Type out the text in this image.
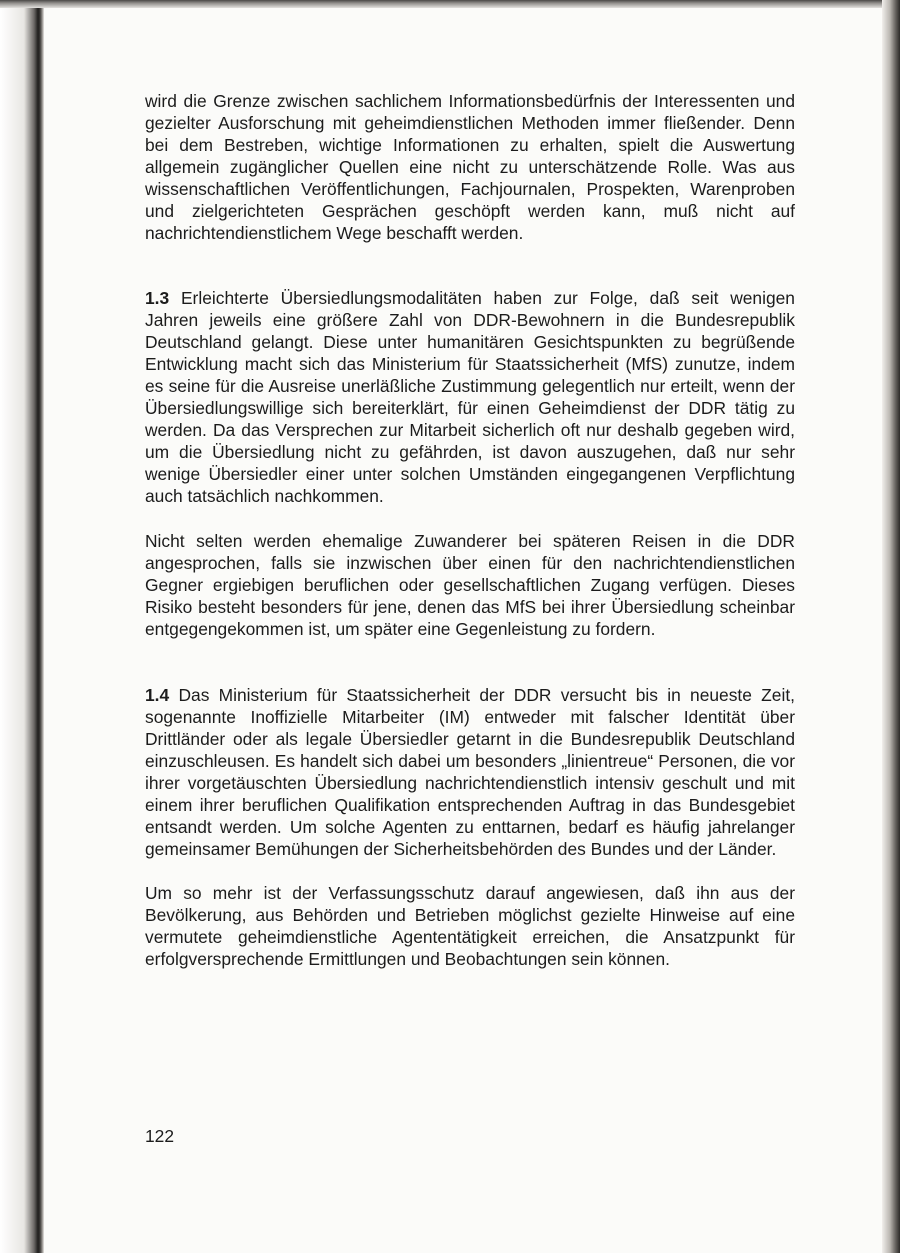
wird die Grenze zwischen sachlichem Informationsbedürfnis der Interessenten und gezielter Ausforschung mit geheimdienstlichen Methoden immer fließender. Denn bei dem Bestreben, wichtige Informationen zu erhalten, spielt die Auswertung allgemein zugänglicher Quellen eine nicht zu unterschätzende Rolle. Was aus wissenschaftlichen Veröffentlichungen, Fachjournalen, Prospekten, Warenproben und zielgerichteten Gesprächen geschöpft werden kann, muß nicht auf nachrichtendienstlichem Wege beschafft werden.

1.3 Erleichterte Übersiedlungsmodalitäten haben zur Folge, daß seit wenigen Jahren jeweils eine größere Zahl von DDR-Bewohnern in die Bundesrepublik Deutschland gelangt. Diese unter humanitären Gesichtspunkten zu begrüßende Entwicklung macht sich das Ministerium für Staatssicherheit (MfS) zunutze, indem es seine für die Ausreise unerläßliche Zustimmung gelegentlich nur erteilt, wenn der Übersiedlungswillige sich bereiterklärt, für einen Geheimdienst der DDR tätig zu werden. Da das Versprechen zur Mitarbeit sicherlich oft nur deshalb gegeben wird, um die Übersiedlung nicht zu gefährden, ist davon auszugehen, daß nur sehr wenige Übersiedler einer unter solchen Umständen eingegangenen Verpflichtung auch tatsächlich nachkommen.

Nicht selten werden ehemalige Zuwanderer bei späteren Reisen in die DDR angesprochen, falls sie inzwischen über einen für den nachrichtendienstlichen Gegner ergiebigen beruflichen oder gesellschaftlichen Zugang verfügen. Dieses Risiko besteht besonders für jene, denen das MfS bei ihrer Übersiedlung scheinbar entgegengekommen ist, um später eine Gegenleistung zu fordern.

1.4 Das Ministerium für Staatssicherheit der DDR versucht bis in neueste Zeit, sogenannte Inoffizielle Mitarbeiter (IM) entweder mit falscher Identität über Drittländer oder als legale Übersiedler getarnt in die Bundesrepublik Deutschland einzuschleusen. Es handelt sich dabei um besonders „linientreue“ Personen, die vor ihrer vorgetäuschten Übersiedlung nachrichtendienstlich intensiv geschult und mit einem ihrer beruflichen Qualifikation entsprechenden Auftrag in das Bundesgebiet entsandt werden. Um solche Agenten zu enttarnen, bedarf es häufig jahrelanger gemeinsamer Bemühungen der Sicherheitsbehörden des Bundes und der Länder.

Um so mehr ist der Verfassungsschutz darauf angewiesen, daß ihn aus der Bevölkerung, aus Behörden und Betrieben möglichst gezielte Hinweise auf eine vermutete geheimdienstliche Agententätigkeit erreichen, die Ansatzpunkt für erfolgversprechende Ermittlungen und Beobachtungen sein können.

122
